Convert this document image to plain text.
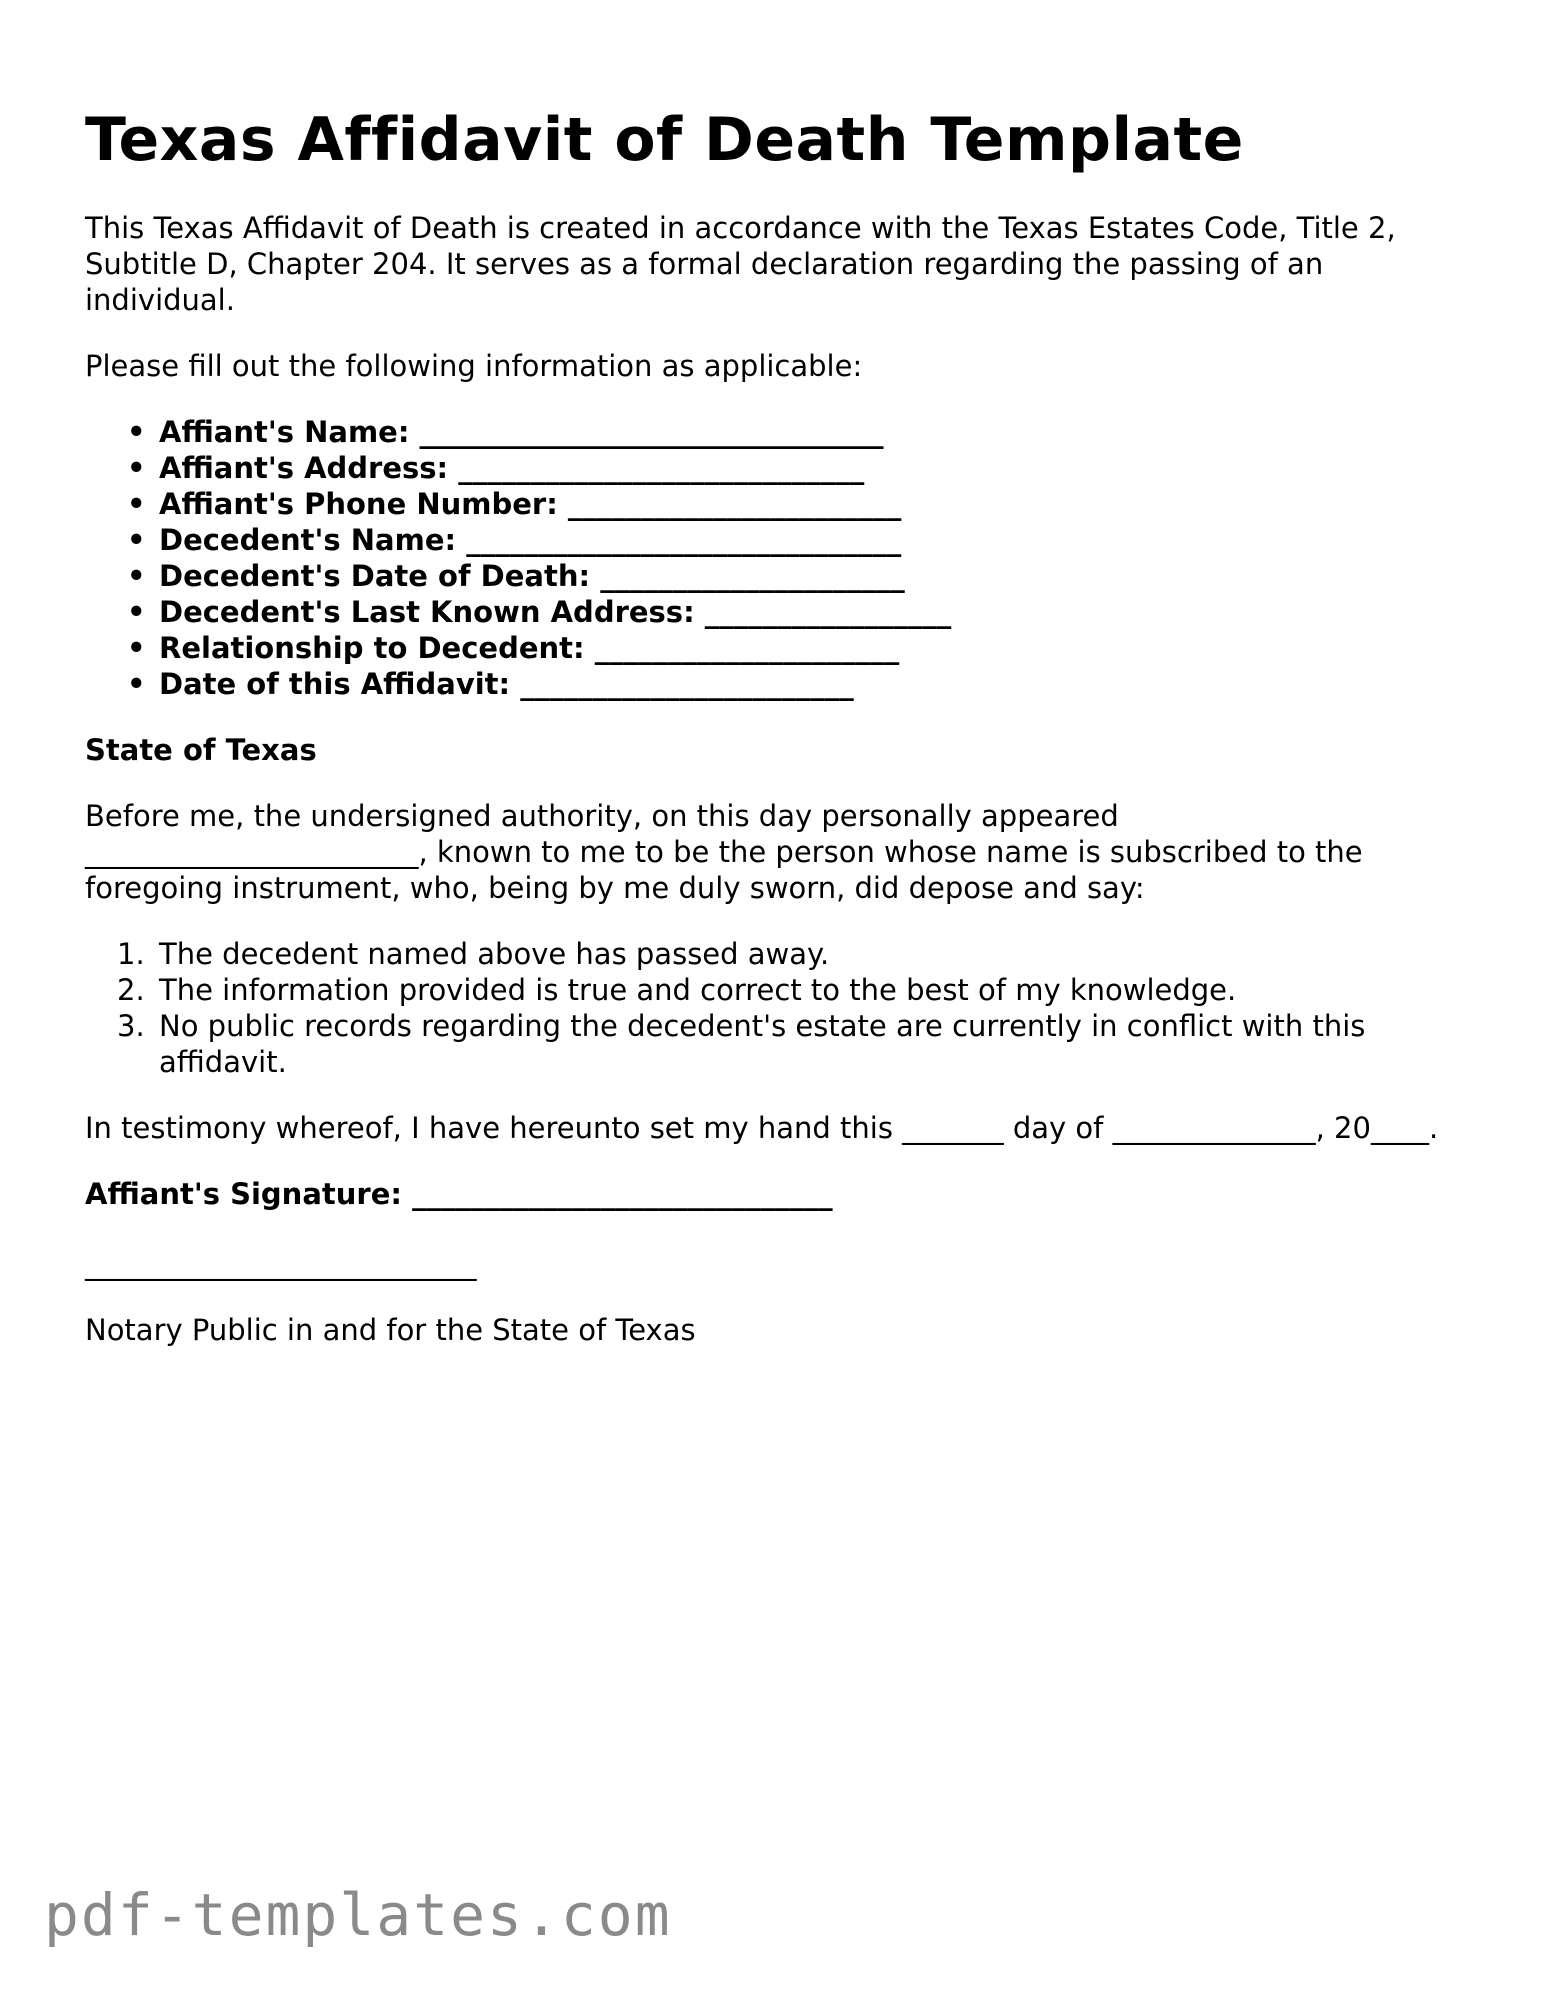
Texas Affidavit of Death Template

This Texas Affidavit of Death is created in accordance with the Texas Estates Code, Title 2, Subtitle D, Chapter 204. It serves as a formal declaration regarding the passing of an individual.

Please fill out the following information as applicable:

• Affiant's Name: ________________________________
• Affiant's Address: ____________________________
• Affiant's Phone Number: _______________________
• Decedent's Name: ______________________________
• Decedent's Date of Death: _____________________
• Decedent's Last Known Address: _________________
• Relationship to Decedent: _____________________
• Date of this Affidavit: _______________________
State of Texas

Before me, the undersigned authority, on this day personally appeared _______________________, known to me to be the person whose name is subscribed to the foregoing instrument, who, being by me duly sworn, did depose and say:

1. The decedent named above has passed away.
2. The information provided is true and correct to the best of my knowledge.
3. No public records regarding the decedent's estate are currently in conflict with this affidavit.

In testimony whereof, I have hereunto set my hand this _______ day of ______________, 20____.

Affiant's Signature: _____________________________
___________________________

Notary Public in and for the State of Texas

pdf-templates.com
